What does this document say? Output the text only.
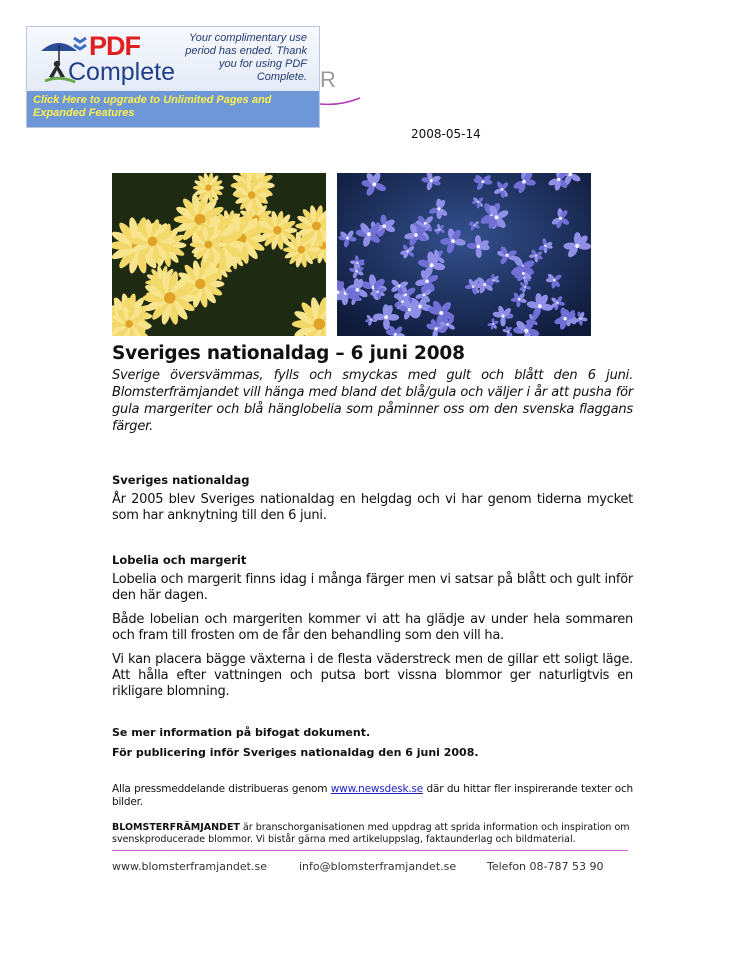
PDF
Complete
Your complimentary use period has ended. Thank you for using PDF Complete.
Click Here to upgrade to Unlimited Pages and Expanded Features
R
2008-05-14
Sveriges nationaldag – 6 juni 2008

Sverige översvämmas, fylls och smyckas med gult och blått den 6 juni. Blomsterfrämjandet vill hänga med bland det blå/gula och väljer i år att pusha för gula margeriter och blå hänglobelia som påminner oss om den svenska flaggans färger.

Sveriges nationaldag

År 2005 blev Sveriges nationaldag en helgdag och vi har genom tiderna mycket som har anknytning till den 6 juni.

Lobelia och margerit

Lobelia och margerit finns idag i många färger men vi satsar på blått och gult inför den här dagen.

Både lobelian och margeriten kommer vi att ha glädje av under hela sommaren och fram till frosten om de får den behandling som den vill ha.

Vi kan placera bägge växterna i de flesta väderstreck men de gillar ett soligt läge. Att hålla efter vattningen och putsa bort vissna blommor ger naturligtvis en rikligare blomning.

Se mer information på bifogat dokument.

För publicering inför Sveriges nationaldag den 6 juni 2008.

Alla pressmeddelande distribueras genom www.newsdesk.se där du hittar fler inspirerande texter och bilder.

BLOMSTERFRÄMJANDET är branschorganisationen med uppdrag att sprida information och inspiration om svenskproducerade blommor. Vi bistår gärna med artikeluppslag, faktaunderlag och bildmaterial.

www.blomsterframjandet.se	info@blomsterframjandet.se	Telefon 08-787 53 90
